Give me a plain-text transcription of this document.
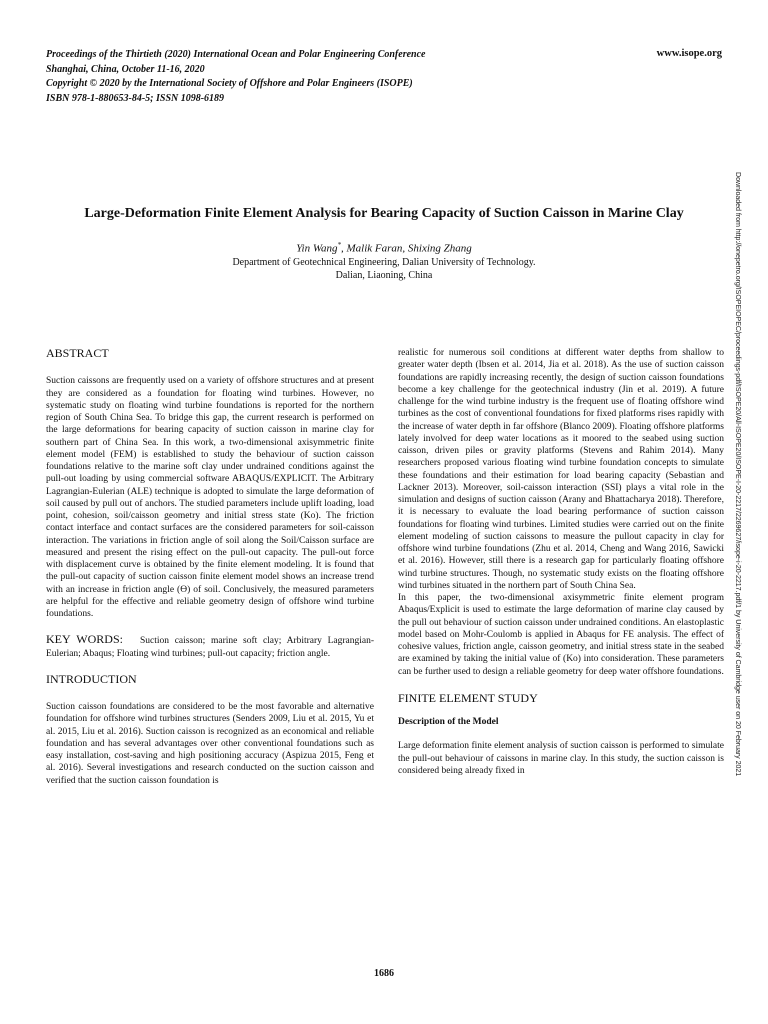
Proceedings of the Thirtieth (2020) International Ocean and Polar Engineering Conference
Shanghai, China, October 11-16, 2020
Copyright © 2020 by the International Society of Offshore and Polar Engineers (ISOPE)
ISBN 978-1-880653-84-5; ISSN 1098-6189
www.isope.org
Downloaded from http://onepetro.org/ISOPEIOPEC/proceedings-pdf/ISOPE20/All-ISOPE20/ISOPE-I-20-2217/2269627/isope-i-20-2217.pdf/1 by University of Cambridge user on 20 February 2021
Large-Deformation Finite Element Analysis for Bearing Capacity of Suction Caisson in Marine Clay
Yin Wang*, Malik Faran, Shixing Zhang
Department of Geotechnical Engineering, Dalian University of Technology.
Dalian, Liaoning, China

ABSTRACT

Suction caissons are frequently used on a variety of offshore structures and at present they are considered as a foundation for floating wind turbines. However, no systematic study on floating wind turbine foundations is reported for the northern region of South China Sea. To bridge this gap, the current research is performed on the large deformations for bearing capacity of suction caisson in marine clay for southern part of China Sea. In this work, a two-dimensional axisymmetric finite element model (FEM) is established to study the behaviour of suction caisson foundations relative to the marine soft clay under undrained conditions against the pull-out loading by using commercial software ABAQUS/EXPLICIT. The Arbitrary Lagrangian-Eulerian (ALE) technique is adopted to simulate the large deformation of soil caused by pull out of anchors. The studied parameters include uplift loading, load point, cohesion, soil/caisson geometry and initial stress state (Ko). The friction contact interface and contact surfaces are the considered parameters for soil-caisson interaction. The variations in friction angle of soil along the Soil/Caisson surface are measured and present the rising effect on the pull-out capacity. The pull-out force with displacement curve is obtained by the finite element modeling. It is found that the pull-out capacity of suction caisson finite element model shows an increase trend with an increase in friction angle (ϴ) of soil. Conclusively, the measured parameters are helpful for the effective and reliable geometry design of offshore wind turbine foundations.

KEY WORDS: Suction caisson; marine soft clay; Arbitrary Lagrangian-Eulerian; Abaqus; Floating wind turbines; pull-out capacity; friction angle.

INTRODUCTION

Suction caisson foundations are considered to be the most favorable and alternative foundation for offshore wind turbines structures (Senders 2009, Liu et al. 2015, Yu et al. 2015, Liu et al. 2016). Suction caisson is recognized as an economical and reliable foundation and has several advantages over other conventional foundations such as easy installation, cost-saving and high positioning accuracy (Aspizua 2015, Feng et al. 2016). Several investigations and research conducted on the suction caisson and verified that the suction caisson foundation is

realistic for numerous soil conditions at different water depths from shallow to greater water depth (Ibsen et al. 2014, Jia et al. 2018). As the use of suction caisson foundations are rapidly increasing recently, the design of suction caisson foundations become a key challenge for the geotechnical industry (Jin et al. 2019). A future challenge for the wind turbine industry is the frequent use of floating offshore wind turbines as the cost of conventional foundations for fixed platforms rises rapidly with the increase of water depth in far offshore (Blanco 2009). Floating offshore platforms lately involved for deep water locations as it moored to the seabed using suction caisson, driven piles or gravity platforms (Stevens and Rahim 2014). Many researchers proposed various floating wind turbine foundation concepts to simulate these foundations and their estimation for load bearing capacity (Sebastian and Lackner 2013). Moreover, soil-caisson interaction (SSI) plays a vital role in the simulation and designs of suction caisson (Arany and Bhattacharya 2018). Therefore, it is necessary to evaluate the load bearing performance of suction caisson foundations for floating wind turbines. Limited studies were carried out on the finite element modeling of suction caissons to measure the pullout capacity in clay for offshore wind turbine foundations (Zhu et al. 2014, Cheng and Wang 2016, Sawicki et al. 2016). However, still there is a research gap for particularly floating offshore wind turbine structures. Though, no systematic study exists on the floating offshore wind turbines situated in the northern part of South China Sea.

In this paper, the two-dimensional axisymmetric finite element program Abaqus/Explicit is used to estimate the large deformation of marine clay caused by the pull out behaviour of suction caisson under undrained conditions. An elastoplastic model based on Mohr-Coulomb is applied in Abaqus for FE analysis. The effect of cohesive values, friction angle, caisson geometry, and initial stress state in the seabed are examined by taking the initial value of (Ko) into consideration. These parameters can be further used to design a reliable geometry for deep water offshore foundations.

FINITE ELEMENT STUDY

Description of the Model

Large deformation finite element analysis of suction caisson is performed to simulate the pull-out behaviour of caissons in marine clay. In this study, the suction caisson is considered being already fixed in

1686
